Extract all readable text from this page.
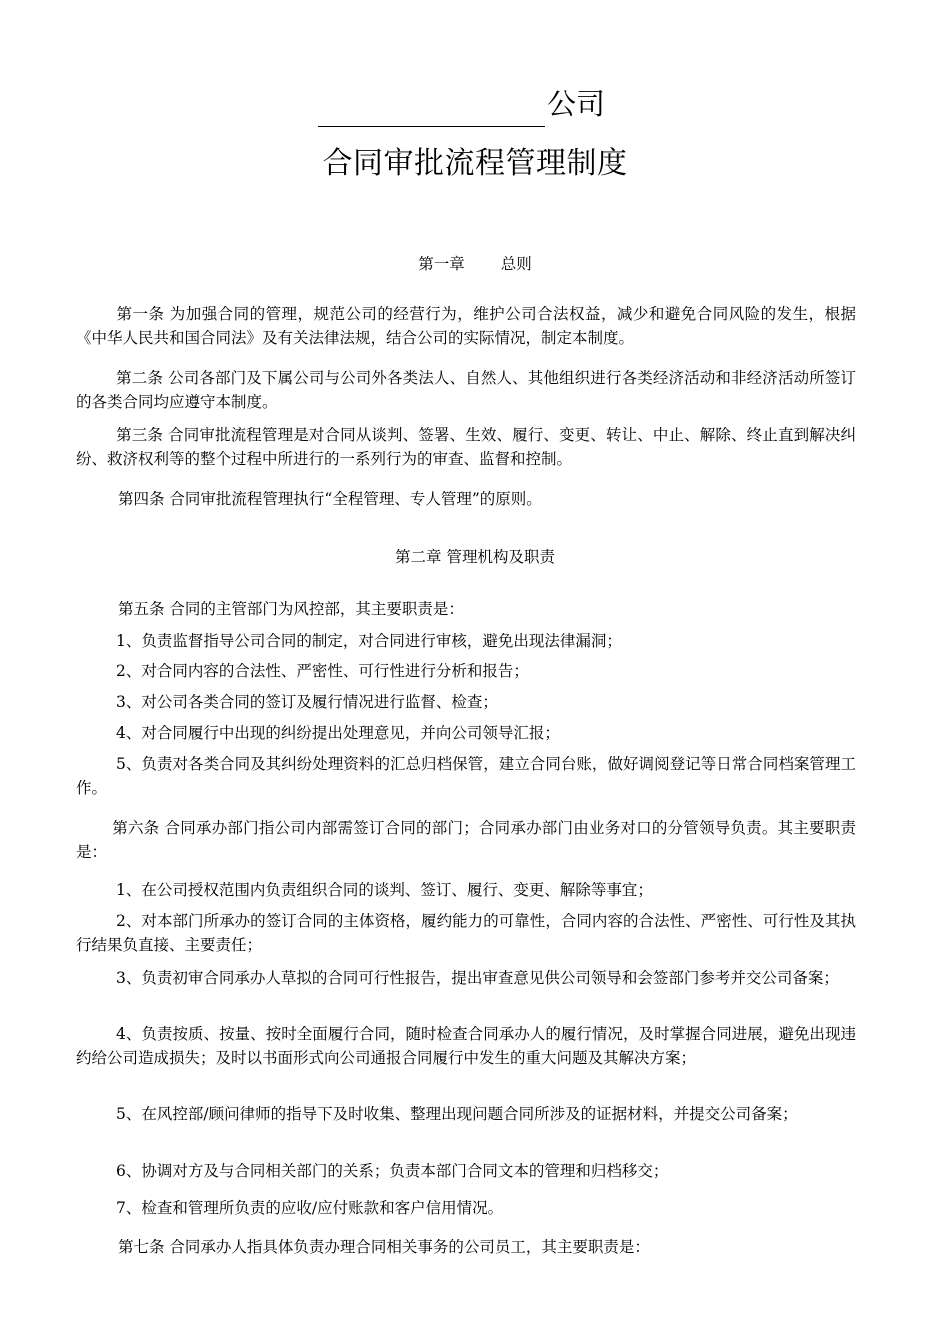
公司
合同审批流程管理制度
第一章 总则

第一条 为加强合同的管理，规范公司的经营行为，维护公司合法权益，减少和避免合同风险的发生，根据《中华人民共和国合同法》及有关法律法规，结合公司的实际情况，制定本制度。

第二条 公司各部门及下属公司与公司外各类法人、自然人、其他组织进行各类经济活动和非经济活动所签订的各类合同均应遵守本制度。

第三条 合同审批流程管理是对合同从谈判、签署、生效、履行、变更、转让、中止、解除、终止直到解决纠纷、救济权利等的整个过程中所进行的一系列行为的审查、监督和控制。

第四条 合同审批流程管理执行“全程管理、专人管理”的原则。

第二章 管理机构及职责

第五条 合同的主管部门为风控部，其主要职责是：

1、负责监督指导公司合同的制定，对合同进行审核，避免出现法律漏洞；

2、对合同内容的合法性、严密性、可行性进行分析和报告；

3、对公司各类合同的签订及履行情况进行监督、检查；

4、对合同履行中出现的纠纷提出处理意见，并向公司领导汇报；

5、负责对各类合同及其纠纷处理资料的汇总归档保管，建立合同台账，做好调阅登记等日常合同档案管理工作。

第六条 合同承办部门指公司内部需签订合同的部门；合同承办部门由业务对口的分管领导负责。其主要职责是：

1、在公司授权范围内负责组织合同的谈判、签订、履行、变更、解除等事宜；

2、对本部门所承办的签订合同的主体资格，履约能力的可靠性，合同内容的合法性、严密性、可行性及其执行结果负直接、主要责任；

3、负责初审合同承办人草拟的合同可行性报告，提出审查意见供公司领导和会签部门参考并交公司备案；

4、负责按质、按量、按时全面履行合同，随时检查合同承办人的履行情况，及时掌握合同进展，避免出现违约给公司造成损失；及时以书面形式向公司通报合同履行中发生的重大问题及其解决方案；

5、在风控部/顾问律师的指导下及时收集、整理出现问题合同所涉及的证据材料，并提交公司备案；

6、协调对方及与合同相关部门的关系；负责本部门合同文本的管理和归档移交；

7、检查和管理所负责的应收/应付账款和客户信用情况。

第七条 合同承办人指具体负责办理合同相关事务的公司员工，其主要职责是：
